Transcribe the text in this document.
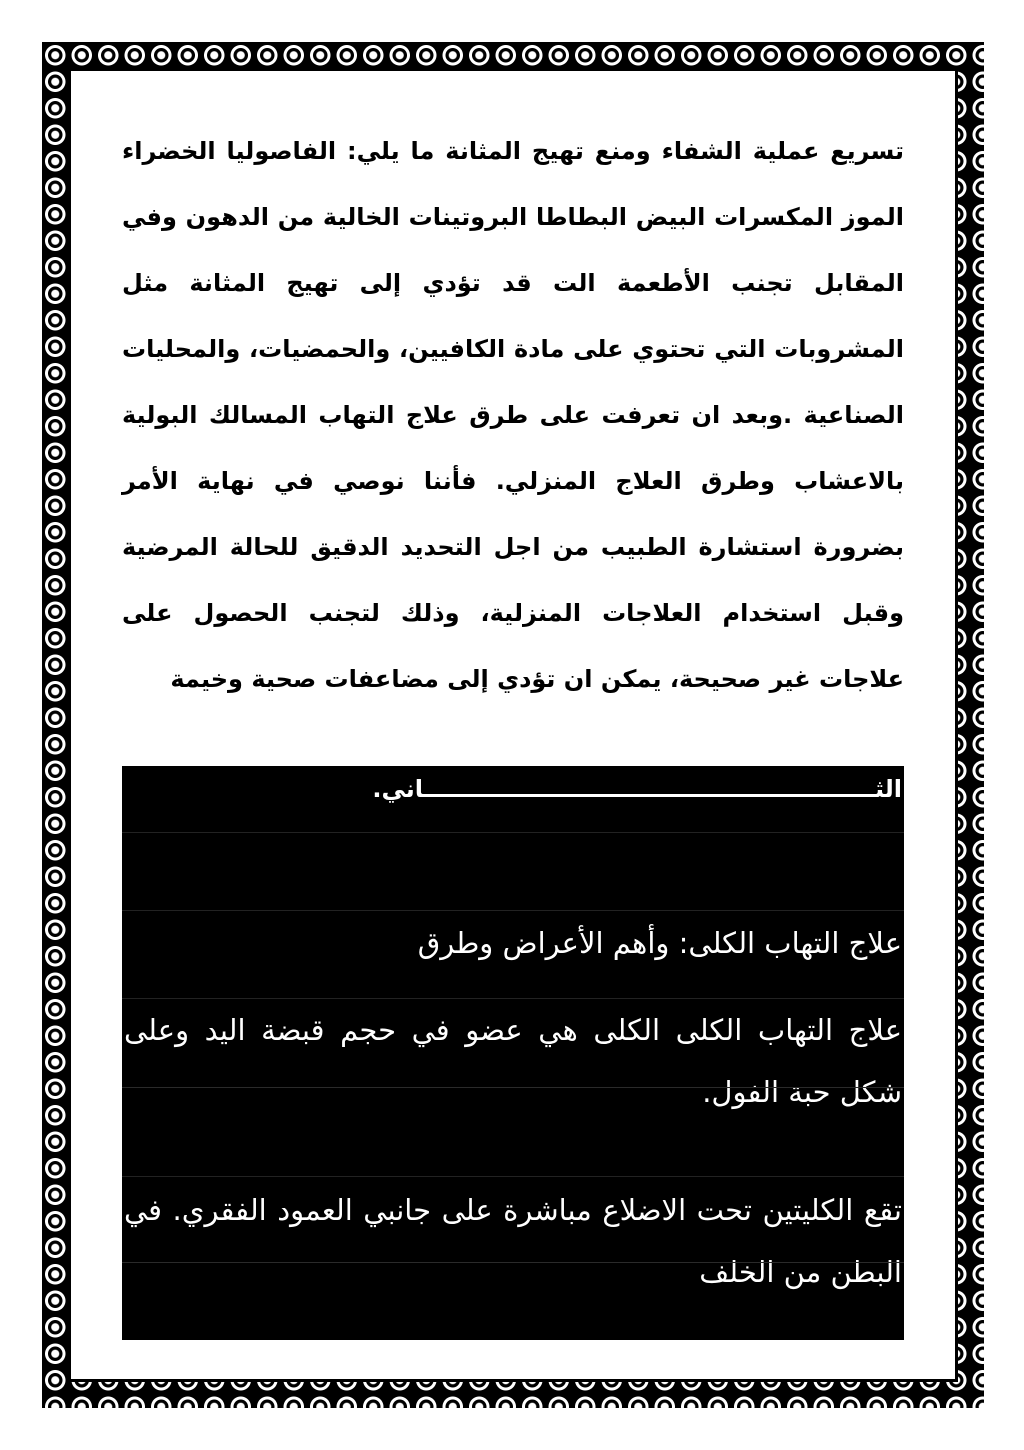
تسريع عملية الشفاء ومنع تهيج المثانة ما يلي: الفاصوليا الخضراء الموز المكسرات البيض البطاطا البروتينات الخالية من الدهون وفي المقابل تجنب الأطعمة الت قد تؤدي إلى تهيج المثانة مثل المشروبات التي تحتوي على مادة الكافيين، والحمضيات، والمحليات الصناعية .وبعد ان تعرفت على طرق علاج التهاب المسالك البولية بالاعشاب وطرق العلاج المنزلي. فأننا نوصي في نهاية الأمر بضرورة استشارة الطبيب من اجل التحديد الدقيق للحالة المرضية وقبل استخدام العلاجات المنزلية، وذلك لتجنب الحصول على علاجات غير صحيحة، يمكن ان تؤدي إلى مضاعفات صحية وخيمة
الثـــــــــــــــــــــــــــــــــــــــــــــــــــــــاني.
علاج التهاب الكلى: وأهم الأعراض وطرق
علاج التهاب الكلى الكلى هي عضو في حجم قبضة اليد وعلى شكل حبة الفول.
تقع الكليتين تحت الاضلاع مباشرة على جانبي العمود الفقري. في البطن من الخلف
